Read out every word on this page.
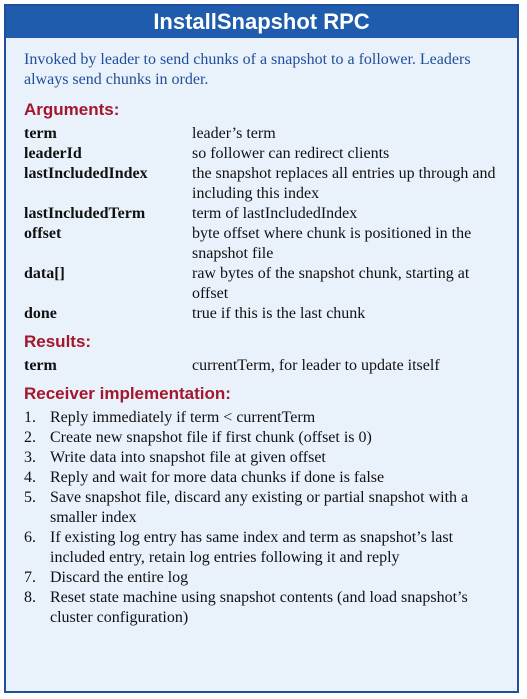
InstallSnapshot RPC
Invoked by leader to send chunks of a snapshot to a follower. Leaders always send chunks in order.
Arguments:
term	leader’s term
leaderId	so follower can redirect clients
lastIncludedIndex	the snapshot replaces all entries up through and including this index
lastIncludedTerm	term of lastIncludedIndex
offset	byte offset where chunk is positioned in the snapshot file
data[]	raw bytes of the snapshot chunk, starting at offset
done	true if this is the last chunk
Results:
term	currentTerm, for leader to update itself
Receiver implementation:
1. Reply immediately if term < currentTerm
2. Create new snapshot file if first chunk (offset is 0)
3. Write data into snapshot file at given offset
4. Reply and wait for more data chunks if done is false
5. Save snapshot file, discard any existing or partial snapshot with a smaller index
6. If existing log entry has same index and term as snapshot’s last included entry, retain log entries following it and reply
7. Discard the entire log
8. Reset state machine using snapshot contents (and load snapshot’s cluster configuration)
